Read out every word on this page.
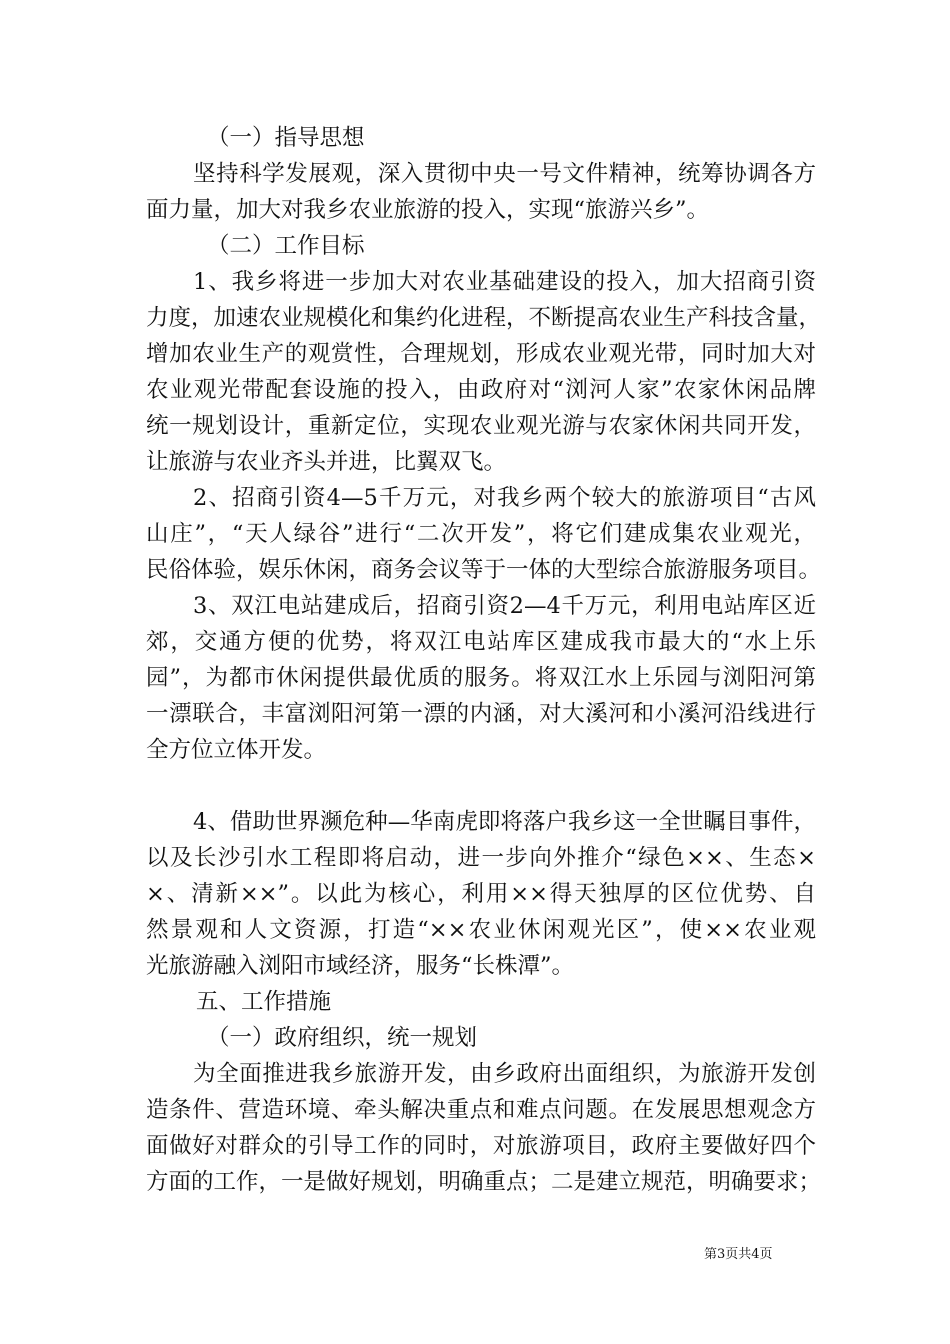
（一）指导思想
坚持科学发展观，深入贯彻中央一号文件精神，统筹协调各方
面力量，加大对我乡农业旅游的投入，实现“旅游兴乡”。
（二）工作目标
1、我乡将进一步加大对农业基础建设的投入，加大招商引资
力度，加速农业规模化和集约化进程，不断提高农业生产科技含量，
增加农业生产的观赏性，合理规划，形成农业观光带，同时加大对
农业观光带配套设施的投入，由政府对“浏河人家”农家休闲品牌
统一规划设计，重新定位，实现农业观光游与农家休闲共同开发，
让旅游与农业齐头并进，比翼双飞。
2、招商引资4—5千万元，对我乡两个较大的旅游项目“古风
山庄”，“天人绿谷”进行“二次开发”，将它们建成集农业观光，
民俗体验，娱乐休闲，商务会议等于一体的大型综合旅游服务项目。
3、双江电站建成后，招商引资2—4千万元，利用电站库区近
郊，交通方便的优势，将双江电站库区建成我市最大的“水上乐
园”，为都市休闲提供最优质的服务。将双江水上乐园与浏阳河第
一漂联合，丰富浏阳河第一漂的内涵，对大溪河和小溪河沿线进行
全方位立体开发。
4、借助世界濒危种—华南虎即将落户我乡这一全世瞩目事件，
以及长沙引水工程即将启动，进一步向外推介“绿色××、生态×
×、清新××”。以此为核心，利用××得天独厚的区位优势、自
然景观和人文资源，打造“××农业休闲观光区”，使××农业观
光旅游融入浏阳市域经济，服务“长株潭”。
五、工作措施
（一）政府组织，统一规划
为全面推进我乡旅游开发，由乡政府出面组织，为旅游开发创
造条件、营造环境、牵头解决重点和难点问题。在发展思想观念方
面做好对群众的引导工作的同时，对旅游项目，政府主要做好四个
方面的工作，一是做好规划，明确重点；二是建立规范，明确要求；
第3页共4页
